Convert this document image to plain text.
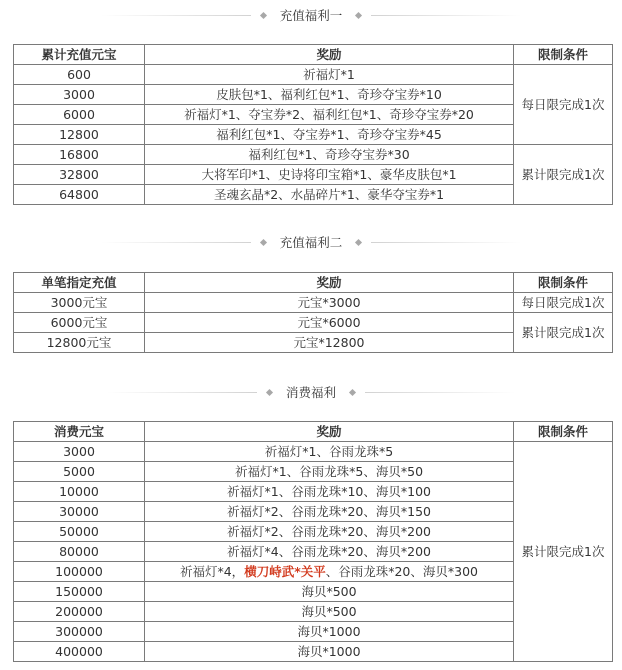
充值福利一
累计充值元宝	奖励	限制条件
600	祈福灯*1	每日限完成1次
3000	皮肤包*1、福利红包*1、奇珍夺宝券*10	
6000	祈福灯*1、夺宝券*2、福利红包*1、奇珍夺宝券*20	
12800	福利红包*1、夺宝券*1、奇珍夺宝券*45	
16800	福利红包*1、奇珍夺宝券*30	累计限完成1次
32800	大将军印*1、史诗将印宝箱*1、豪华皮肤包*1	
64800	圣魂玄晶*2、水晶碎片*1、豪华夺宝券*1	
充值福利二
单笔指定充值	奖励	限制条件
3000元宝	元宝*3000	每日限完成1次
6000元宝	元宝*6000	累计限完成1次
12800元宝	元宝*12800	
消费福利
消费元宝	奖励	限制条件
3000	祈福灯*1、谷雨龙珠*5	累计限完成1次
5000	祈福灯*1、谷雨龙珠*5、海贝*50	
10000	祈福灯*1、谷雨龙珠*10、海贝*100	
30000	祈福灯*2、谷雨龙珠*20、海贝*150	
50000	祈福灯*2、谷雨龙珠*20、海贝*200	
80000	祈福灯*4、谷雨龙珠*20、海贝*200	
100000	祈福灯*4，横刀峙武*关平、谷雨龙珠*20、海贝*300	
150000	海贝*500	
200000	海贝*500	
300000	海贝*1000	
400000	海贝*1000	
